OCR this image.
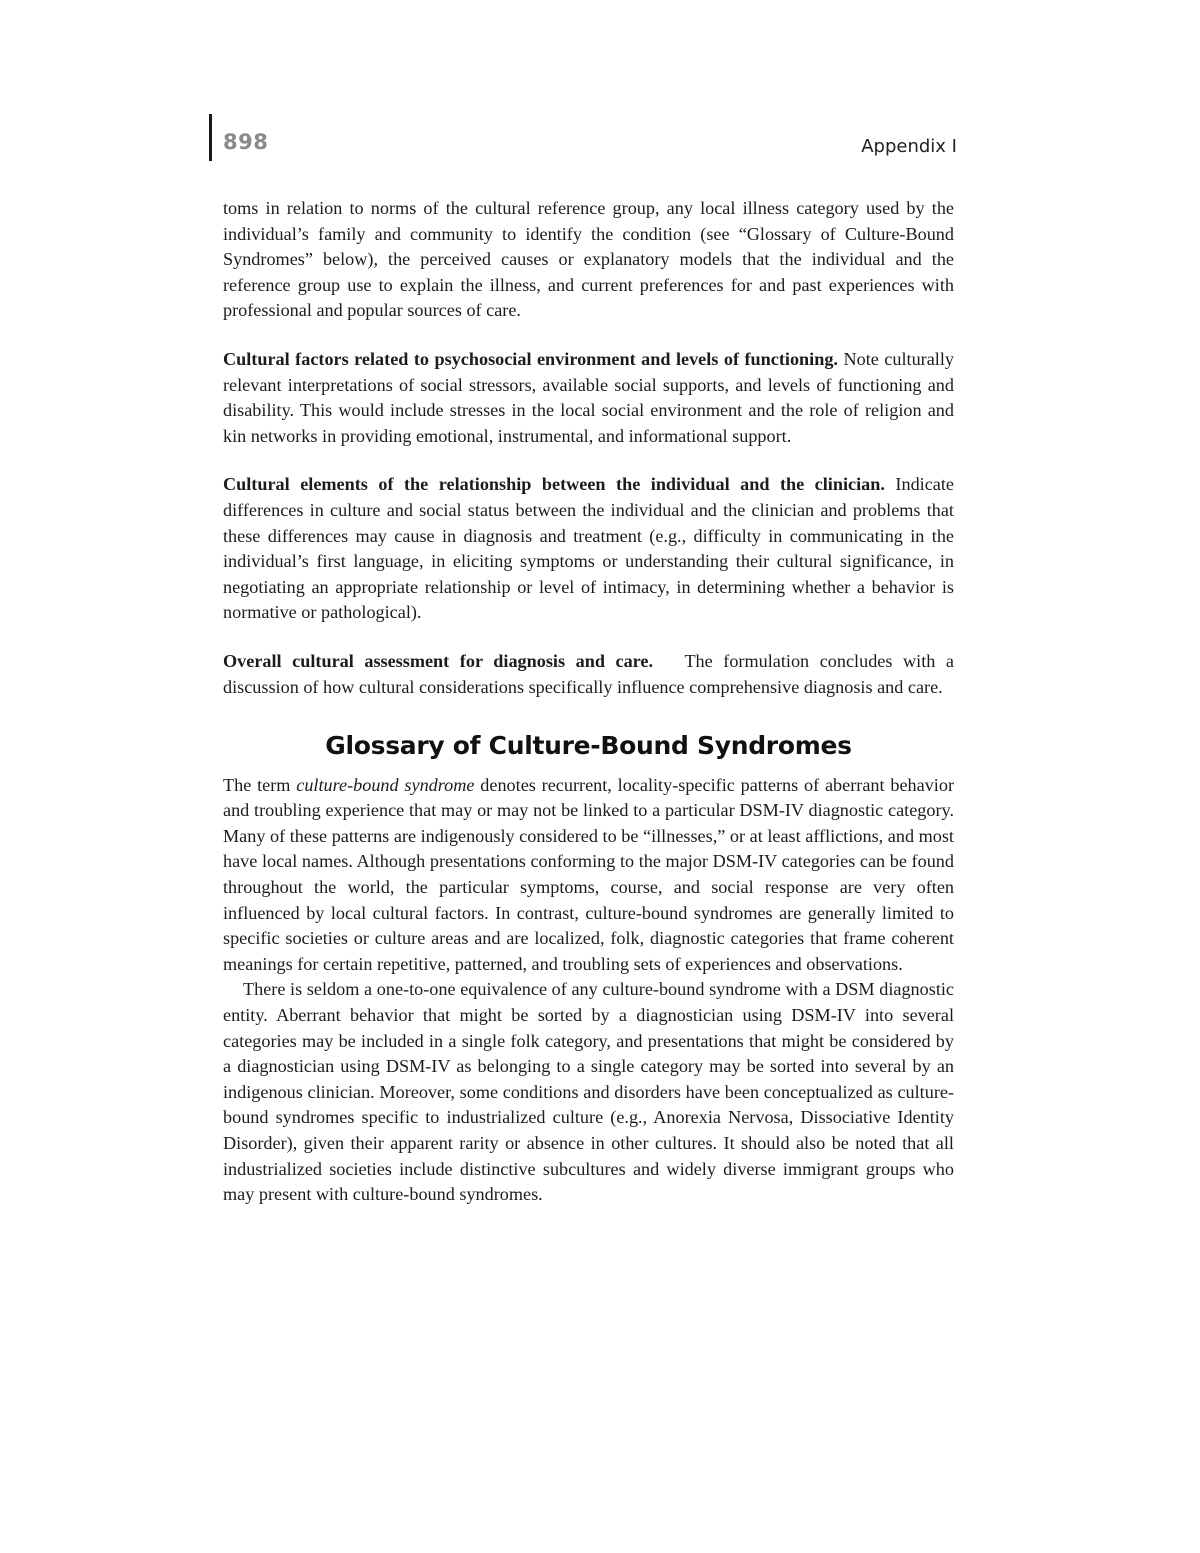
898	Appendix I

toms in relation to norms of the cultural reference group, any local illness category used by the individual’s family and community to identify the condition (see “Glossary of Culture-Bound Syndromes” below), the perceived causes or explanatory models that the individual and the reference group use to explain the illness, and current preferences for and past experiences with professional and popular sources of care.

Cultural factors related to psychosocial environment and levels of functioning. Note culturally relevant interpretations of social stressors, available social supports, and levels of functioning and disability. This would include stresses in the local social environment and the role of religion and kin networks in providing emotional, instrumental, and informational support.

Cultural elements of the relationship between the individual and the clinician. Indicate differences in culture and social status between the individual and the clinician and problems that these differences may cause in diagnosis and treatment (e.g., difficulty in communicating in the individual’s first language, in eliciting symptoms or understanding their cultural significance, in negotiating an appropriate relationship or level of intimacy, in determining whether a behavior is normative or pathological).

Overall cultural assessment for diagnosis and care. The formulation concludes with a discussion of how cultural considerations specifically influence comprehensive diagnosis and care.

Glossary of Culture-Bound Syndromes

The term culture-bound syndrome denotes recurrent, locality-specific patterns of aberrant behavior and troubling experience that may or may not be linked to a particular DSM-IV diagnostic category. Many of these patterns are indigenously considered to be “illnesses,” or at least afflictions, and most have local names. Although presentations conforming to the major DSM-IV categories can be found throughout the world, the particular symptoms, course, and social response are very often influenced by local cultural factors. In contrast, culture-bound syndromes are generally limited to specific societies or culture areas and are localized, folk, diagnostic categories that frame coherent meanings for certain repetitive, patterned, and troubling sets of experiences and observations.

There is seldom a one-to-one equivalence of any culture-bound syndrome with a DSM diagnostic entity. Aberrant behavior that might be sorted by a diagnostician using DSM-IV into several categories may be included in a single folk category, and presentations that might be considered by a diagnostician using DSM-IV as belonging to a single category may be sorted into several by an indigenous clinician. Moreover, some conditions and disorders have been conceptualized as culture-bound syndromes specific to industrialized culture (e.g., Anorexia Nervosa, Dissociative Identity Disorder), given their apparent rarity or absence in other cultures. It should also be noted that all industrialized societies include distinctive subcultures and widely diverse immigrant groups who may present with culture-bound syndromes.
